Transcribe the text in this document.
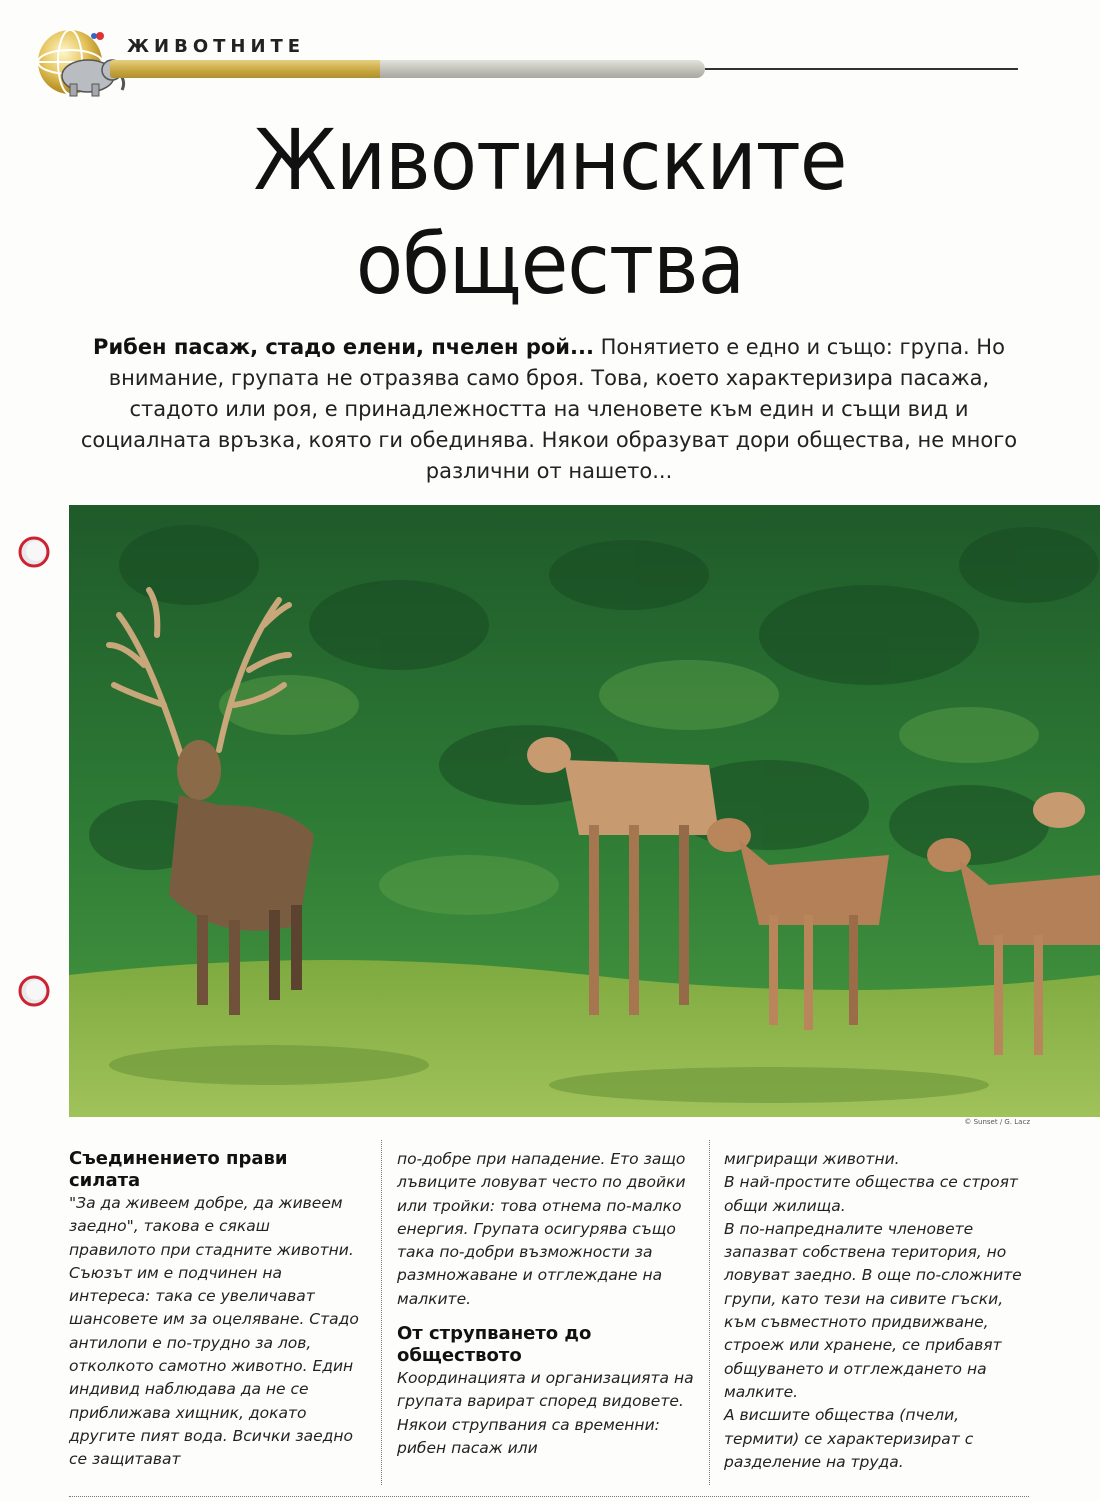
ЖИВОТНИТЕ
Животинските
общества
Рибен пасаж, стадо елени, пчелен рой... Понятието е едно и също: група. Но внимание, групата не отразява само броя. Това, което характеризира пасажа, стадото или роя, е принадлежността на членовете към един и същи вид и социалната връзка, която ги обединява. Някои образуват дори общества, не много различни от нашето...
© Sunset / G. Lacz
Съединението прави силата

"За да живеем добре, да живеем заедно", такова е сякаш правилото при стадните животни. Съюзът им е подчинен на интереса: така се увеличават шансовете им за оцеляване. Стадо антилопи е по-трудно за лов, отколкото самотно животно. Един индивид наблюдава да не се приближава хищник, докато другите пият вода. Всички заедно се защитават

по-добре при нападение. Ето защо лъвиците ловуват често по двойки или тройки: това отнема по-малко енергия. Групата осигурява също така по-добри възможности за размножаване и отглеждане на малките.

От струпването до обществото

Координацията и организацията на групата варират според видовете. Някои струпвания са временни: рибен пасаж или

мигриращи животни.
В най-простите общества се строят общи жилища.
В по-напредналите членовете запазват собствена територия, но ловуват заедно. В още по-сложните групи, като тези на сивите гъски, към съвместното придвижване, строеж или хранене, се прибавят общуването и отглеждането на малките.
А висшите общества (пчели, термити) се характеризират с разделение на труда.
